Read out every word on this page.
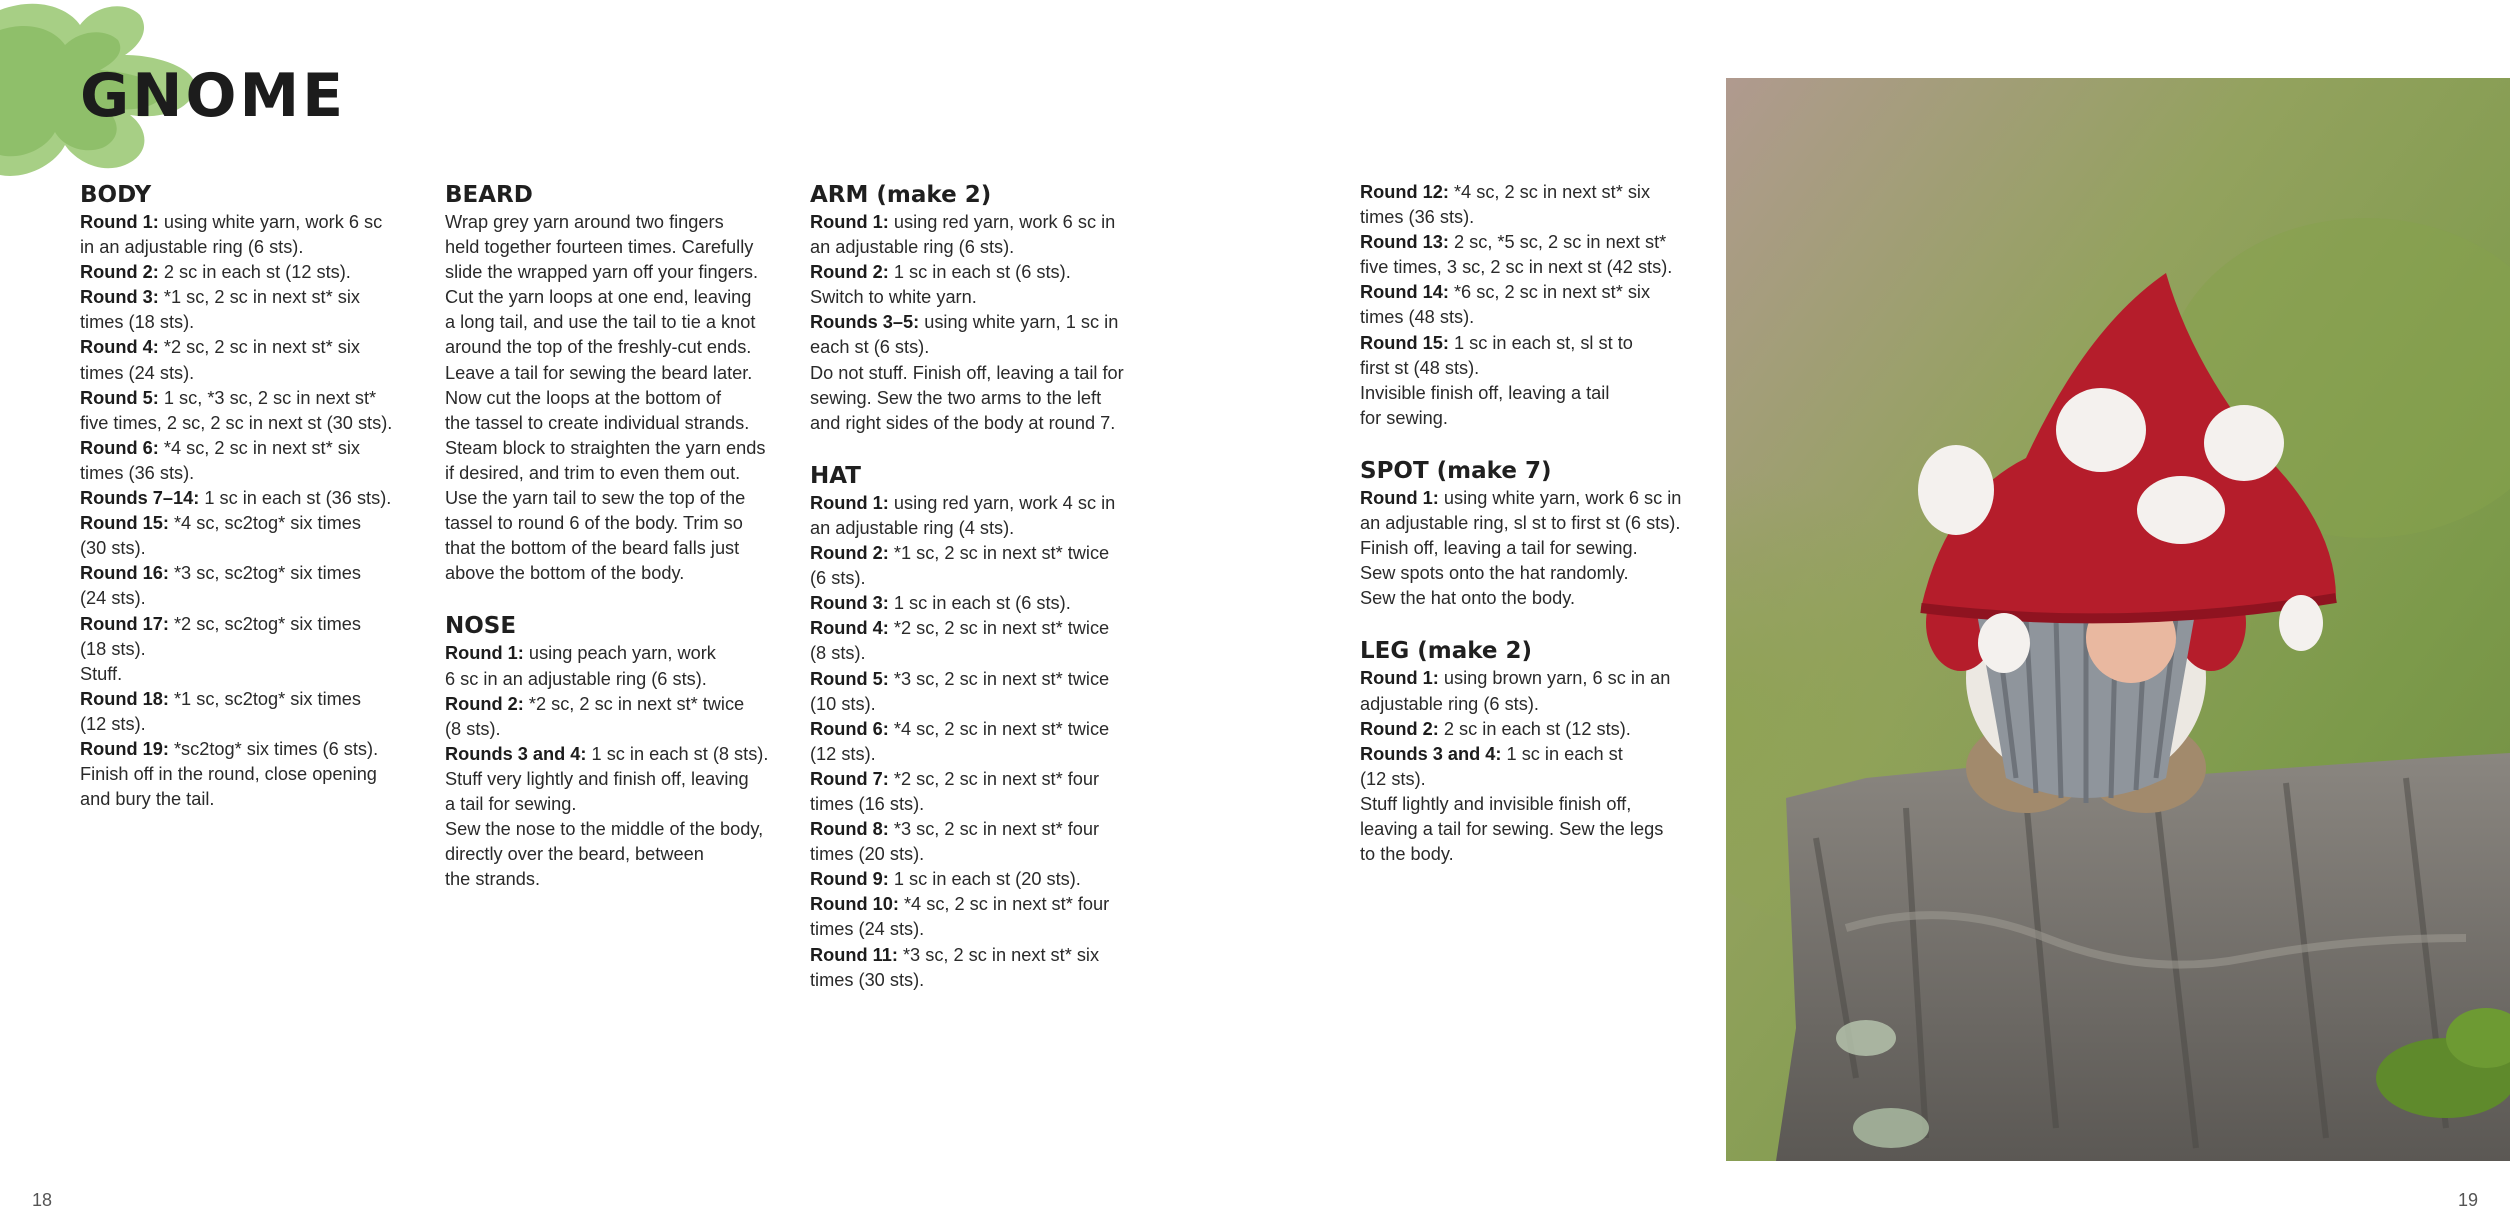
GNOME
BODY
Round 1: using white yarn, work 6 sc
in an adjustable ring (6 sts).
Round 2: 2 sc in each st (12 sts).
Round 3: *1 sc, 2 sc in next st* six
times (18 sts).
Round 4: *2 sc, 2 sc in next st* six
times (24 sts).
Round 5: 1 sc, *3 sc, 2 sc in next st*
five times, 2 sc, 2 sc in next st (30 sts).
Round 6: *4 sc, 2 sc in next st* six
times (36 sts).
Rounds 7–14: 1 sc in each st (36 sts).
Round 15: *4 sc, sc2tog* six times
(30 sts).
Round 16: *3 sc, sc2tog* six times
(24 sts).
Round 17: *2 sc, sc2tog* six times
(18 sts).
Stuff.
Round 18: *1 sc, sc2tog* six times
(12 sts).
Round 19: *sc2tog* six times (6 sts).
Finish off in the round, close opening
and bury the tail.
BEARD
Wrap grey yarn around two fingers
held together fourteen times. Carefully
slide the wrapped yarn off your fingers.
Cut the yarn loops at one end, leaving
a long tail, and use the tail to tie a knot
around the top of the freshly-cut ends.
Leave a tail for sewing the beard later.
Now cut the loops at the bottom of
the tassel to create individual strands.
Steam block to straighten the yarn ends
if desired, and trim to even them out.
Use the yarn tail to sew the top of the
tassel to round 6 of the body. Trim so
that the bottom of the beard falls just
above the bottom of the body.
NOSE
Round 1: using peach yarn, work
6 sc in an adjustable ring (6 sts).
Round 2: *2 sc, 2 sc in next st* twice
(8 sts).
Rounds 3 and 4: 1 sc in each st (8 sts).
Stuff very lightly and finish off, leaving
a tail for sewing.
Sew the nose to the middle of the body,
directly over the beard, between
the strands.
ARM (make 2)
Round 1: using red yarn, work 6 sc in
an adjustable ring (6 sts).
Round 2: 1 sc in each st (6 sts).
Switch to white yarn.
Rounds 3–5: using white yarn, 1 sc in
each st (6 sts).
Do not stuff. Finish off, leaving a tail for
sewing. Sew the two arms to the left
and right sides of the body at round 7.
HAT
Round 1: using red yarn, work 4 sc in
an adjustable ring (4 sts).
Round 2: *1 sc, 2 sc in next st* twice
(6 sts).
Round 3: 1 sc in each st (6 sts).
Round 4: *2 sc, 2 sc in next st* twice
(8 sts).
Round 5: *3 sc, 2 sc in next st* twice
(10 sts).
Round 6: *4 sc, 2 sc in next st* twice
(12 sts).
Round 7: *2 sc, 2 sc in next st* four
times (16 sts).
Round 8: *3 sc, 2 sc in next st* four
times (20 sts).
Round 9: 1 sc in each st (20 sts).
Round 10: *4 sc, 2 sc in next st* four
times (24 sts).
Round 11: *3 sc, 2 sc in next st* six
times (30 sts).
Round 12: *4 sc, 2 sc in next st* six
times (36 sts).
Round 13: 2 sc, *5 sc, 2 sc in next st*
five times, 3 sc, 2 sc in next st (42 sts).
Round 14: *6 sc, 2 sc in next st* six
times (48 sts).
Round 15: 1 sc in each st, sl st to
first st (48 sts).
Invisible finish off, leaving a tail
for sewing.
SPOT (make 7)
Round 1: using white yarn, work 6 sc in
an adjustable ring, sl st to first st (6 sts).
Finish off, leaving a tail for sewing.
Sew spots onto the hat randomly.
Sew the hat onto the body.
LEG (make 2)
Round 1: using brown yarn, 6 sc in an
adjustable ring (6 sts).
Round 2: 2 sc in each st (12 sts).
Rounds 3 and 4: 1 sc in each st
(12 sts).
Stuff lightly and invisible finish off,
leaving a tail for sewing. Sew the legs
to the body.
18	19
